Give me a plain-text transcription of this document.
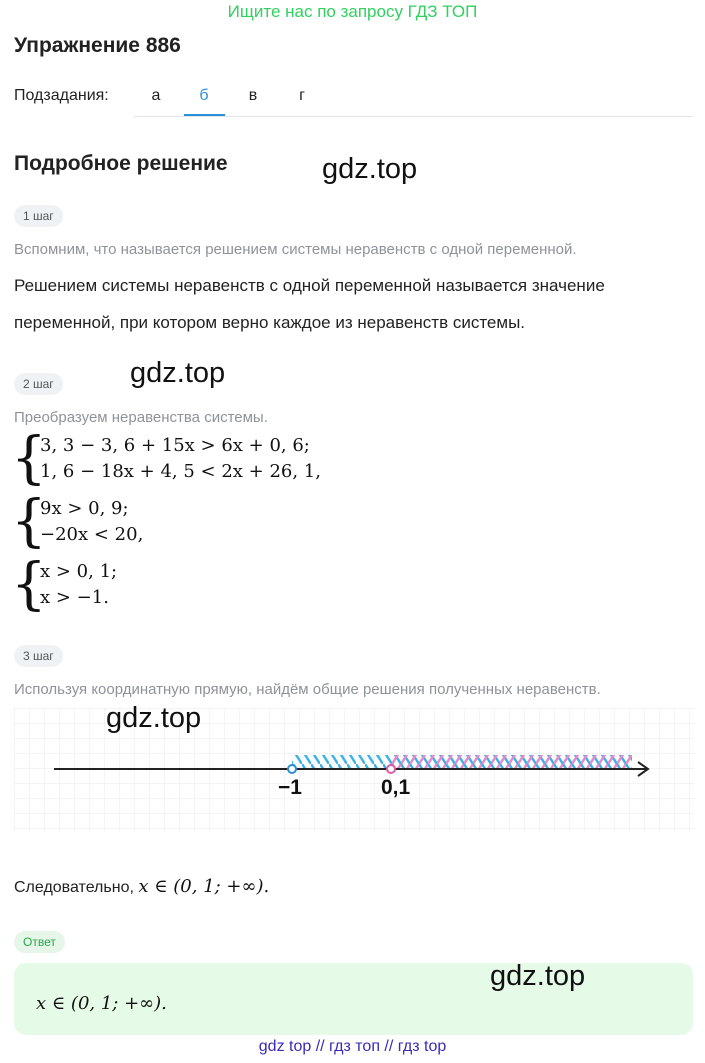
Ищите нас по запросу ГДЗ ТОП
Упражнение 886
Подзадания:	а	б	в	г
Подробное решение	gdz.top
1 шаг
Вспомним, что называется решением системы неравенств с одной переменной.
Решением системы неравенств с одной переменной называется значение
переменной, при котором верно каждое из неравенств системы.
2 шаг	gdz.top
Преобразуем неравенства системы.
{
3, 3 − 3, 6 + 15x > 6x + 0, 6;
1, 6 − 18x + 4, 5 < 2x + 26, 1,
{
9x > 0, 9;
−20x < 20,
{
x > 0, 1;
x > −1.
3 шаг
Используя координатную прямую, найдём общие решения полученных неравенств.
gdz.top
−1	0,1
Следовательно, x ∈ (0, 1; +∞).
Ответ
x ∈ (0, 1; +∞).
gdz.top
gdz top // гдз топ // гдз top
